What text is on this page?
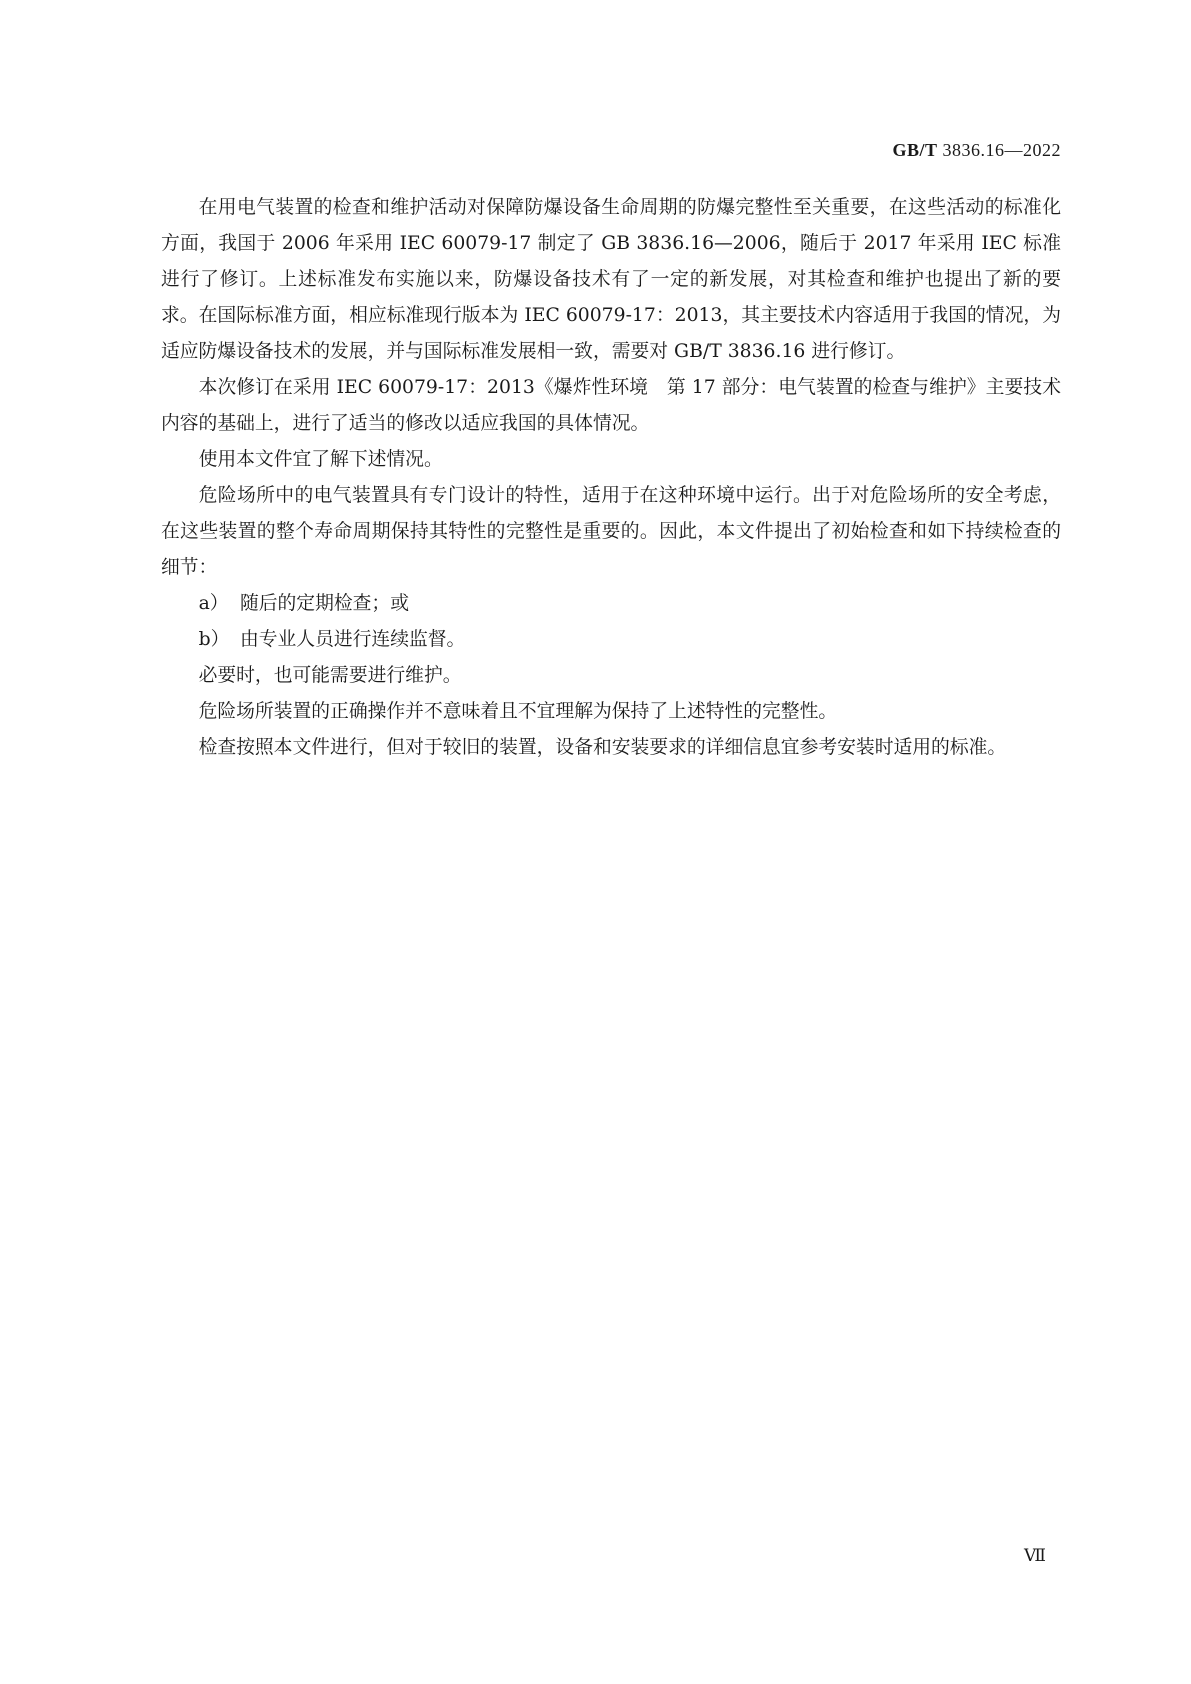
GB/T 3836.16—2022

在用电气装置的检查和维护活动对保障防爆设备生命周期的防爆完整性至关重要，在这些活动的标准化方面，我国于 2006 年采用 IEC 60079-17 制定了 GB 3836.16—2006，随后于 2017 年采用 IEC 标准进行了修订。上述标准发布实施以来，防爆设备技术有了一定的新发展，对其检查和维护也提出了新的要求。在国际标准方面，相应标准现行版本为 IEC 60079-17：2013，其主要技术内容适用于我国的情况，为适应防爆设备技术的发展，并与国际标准发展相一致，需要对 GB/T 3836.16 进行修订。

本次修订在采用 IEC 60079-17：2013《爆炸性环境　第 17 部分：电气装置的检查与维护》主要技术内容的基础上，进行了适当的修改以适应我国的具体情况。

使用本文件宜了解下述情况。

危险场所中的电气装置具有专门设计的特性，适用于在这种环境中运行。出于对危险场所的安全考虑，在这些装置的整个寿命周期保持其特性的完整性是重要的。因此，本文件提出了初始检查和如下持续检查的细节：

a） 随后的定期检查；或

b） 由专业人员进行连续监督。

必要时，也可能需要进行维护。

危险场所装置的正确操作并不意味着且不宜理解为保持了上述特性的完整性。

检查按照本文件进行，但对于较旧的装置，设备和安装要求的详细信息宜参考安装时适用的标准。

Ⅶ
